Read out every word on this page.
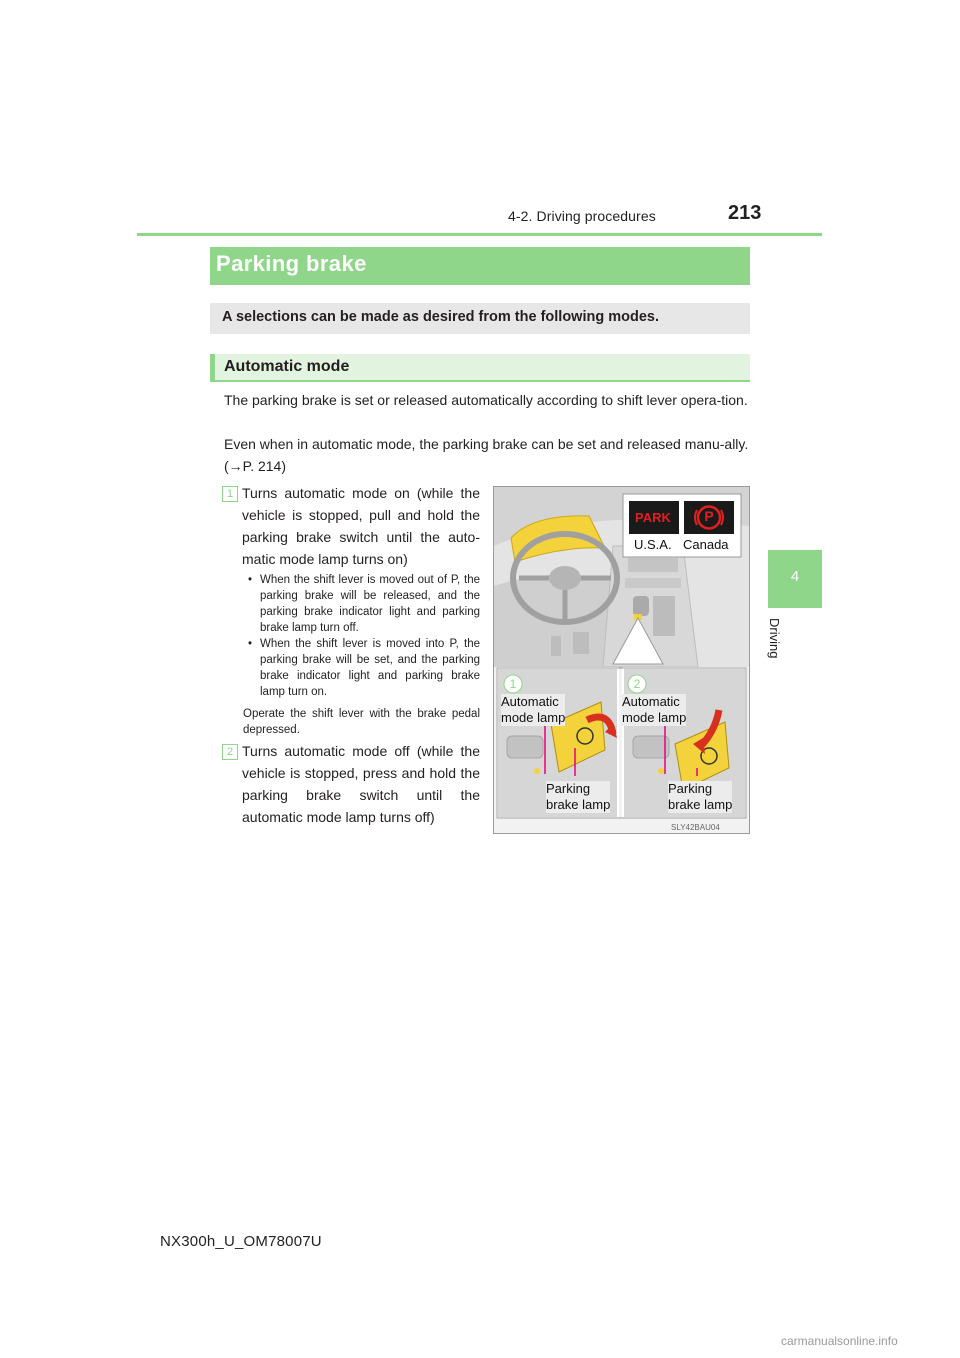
4-2. Driving procedures	213
4
Driving
Parking brake
A selections can be made as desired from the following modes.
Automatic mode
The parking brake is set or released automatically according to shift lever opera-tion.
Even when in automatic mode, the parking brake can be set and released manu-ally. (→P. 214)
1 Turns automatic mode on (while the vehicle is stopped, pull and hold the parking brake switch until the auto-matic mode lamp turns on)
• When the shift lever is moved out of P, the parking brake will be released, and the parking brake indicator light and parking brake lamp turn off.
• When the shift lever is moved into P, the parking brake will be set, and the parking brake indicator light and parking brake lamp turn on.
Operate the shift lever with the brake pedal depressed.
2 Turns automatic mode off (while the vehicle is stopped, press and hold the parking brake switch until the automatic mode lamp turns off)
PARK	P
U.S.A. Canada
1	2
Automatic
mode lamp
Automatic
mode lamp
Parking
brake lamp
Parking
brake lamp
SLY42BAU04
NX300h_U_OM78007U
carmanualsonline.info
